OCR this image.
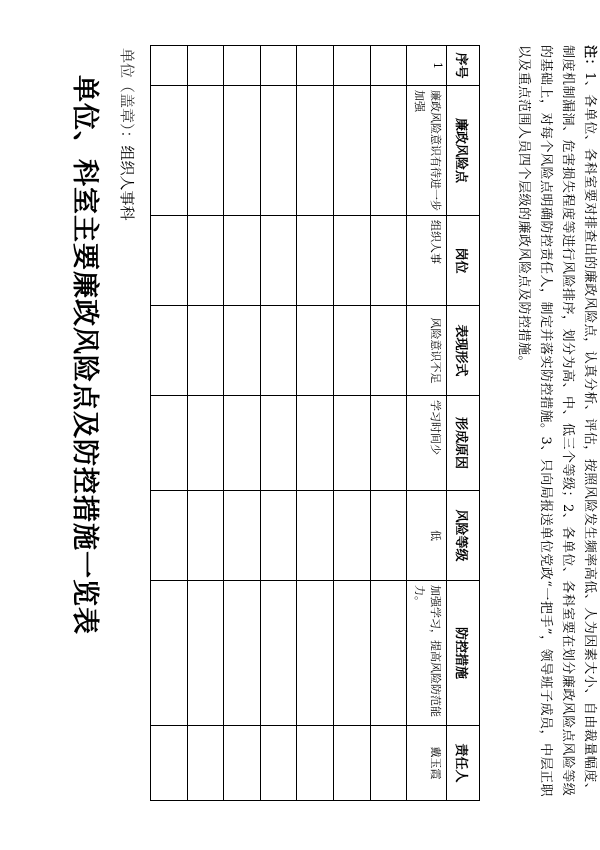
注：1、各单位、各科室要对排查出的廉政风险点，认真分析、评估，按照风险发生频率高低、人为因素大小、自由裁量幅度、制度机制漏洞、危害损失程度等进行风险排序，划分为高、中、低三个等级；2、各单位、各科室要在划分廉政风险点风险等级的基础上，对每个风险点明确防控责任人，制定并落实防控措施。3、只向局报送单位党政“一把手”，领导班子成员，中层正职以及重点范围人员四个层级的廉政风险点及防控措施。
序号	廉政风险点	岗位	表现形式	形成原因	风险等级	防控措施	责任人
1	廉政风险意识有待进一步加强	组织人事	风险意识不足	学习时间少	低	加强学习，提高风险防范能力。	戴玉霞

单位（盖章）：组织人事科
单位、科室主要廉政风险点及防控措施一览表
